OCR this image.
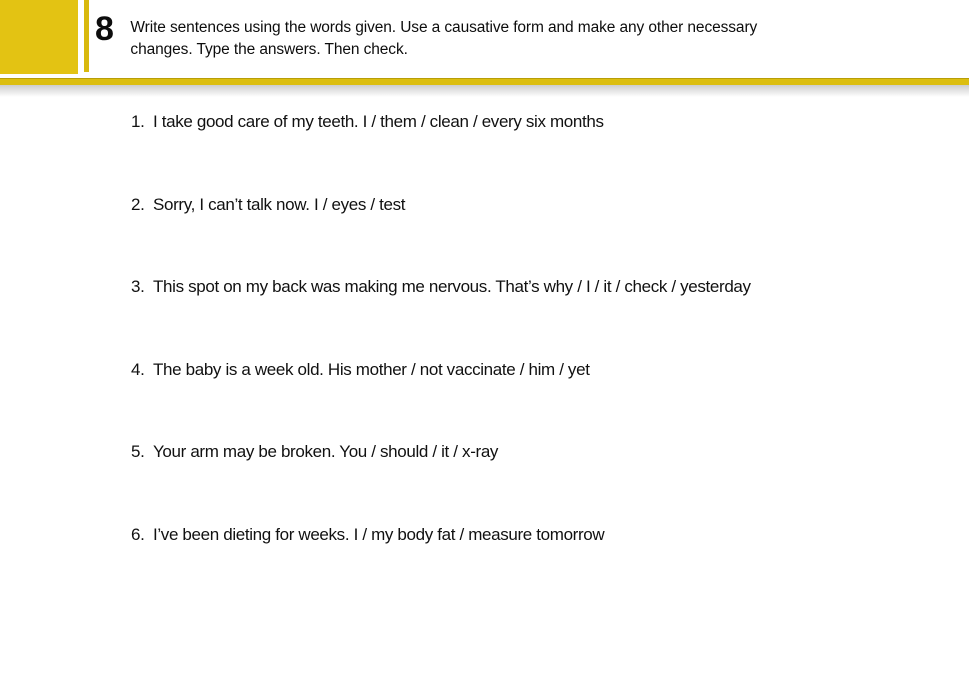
8 Write sentences using the words given. Use a causative form and make any other necessary
changes. Type the answers. Then check.
1. I take good care of my teeth. I / them / clean / every six months
2. Sorry, I can’t talk now. I / eyes / test
3. This spot on my back was making me nervous. That’s why / I / it / check / yesterday
4. The baby is a week old. His mother / not vaccinate / him / yet
5. Your arm may be broken. You / should / it / x-ray
6. I’ve been dieting for weeks. I / my body fat / measure tomorrow
